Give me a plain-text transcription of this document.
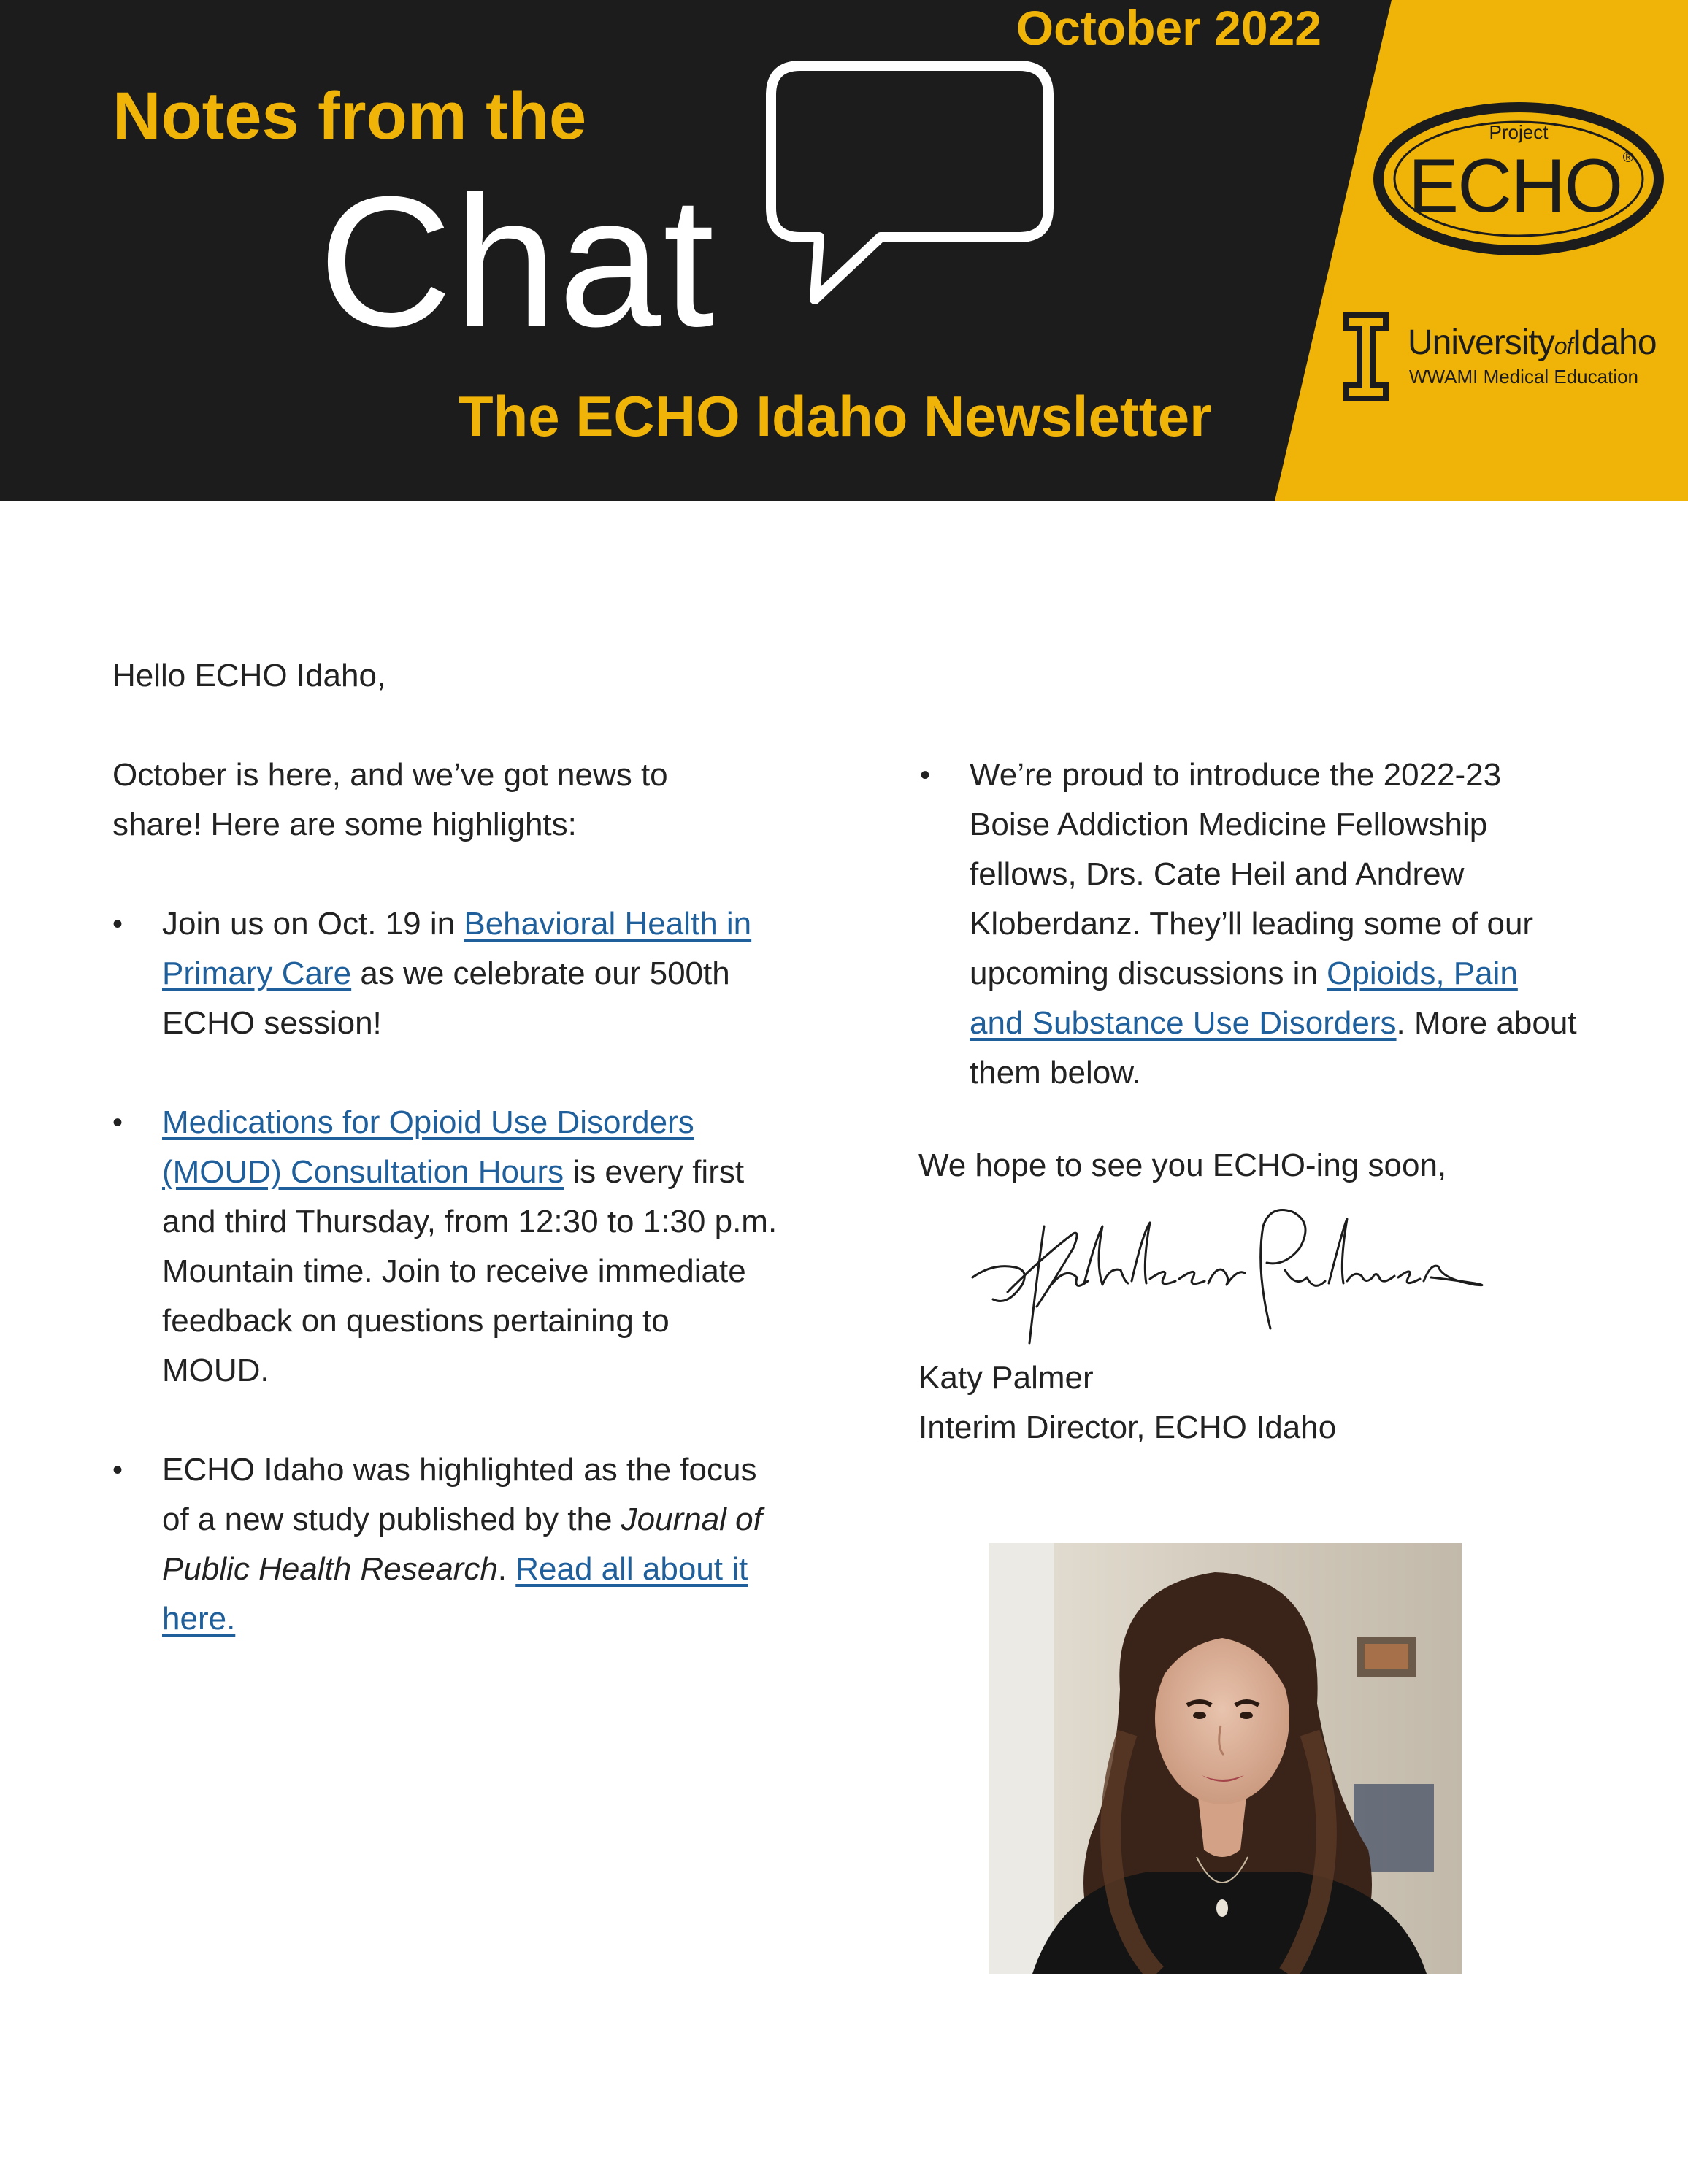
October 2022
Notes from the
Chat
The ECHO Idaho Newsletter
Project
ECHO ®
UniversityofIdaho
WWAMI Medical Education

Hello ECHO Idaho,

October is here, and we’ve got news to share! Here are some highlights:

• Join us on Oct. 19 in Behavioral Health in Primary Care as we celebrate our 500th ECHO session!
• Medications for Opioid Use Disorders (MOUD) Consultation Hours is every first and third Thursday, from 12:30 to 1:30 p.m. Mountain time. Join to receive immediate feedback on questions pertaining to MOUD.
• ECHO Idaho was highlighted as the focus of a new study published by the Journal of Public Health Research. Read all about it here.
• We’re proud to introduce the 2022-23 Boise Addiction Medicine Fellowship fellows, Drs. Cate Heil and Andrew Kloberdanz. They’ll leading some of our upcoming discussions in Opioids, Pain and Substance Use Disorders. More about them below.

We hope to see you ECHO-ing soon,

Katy Palmer

Interim Director, ECHO Idaho
